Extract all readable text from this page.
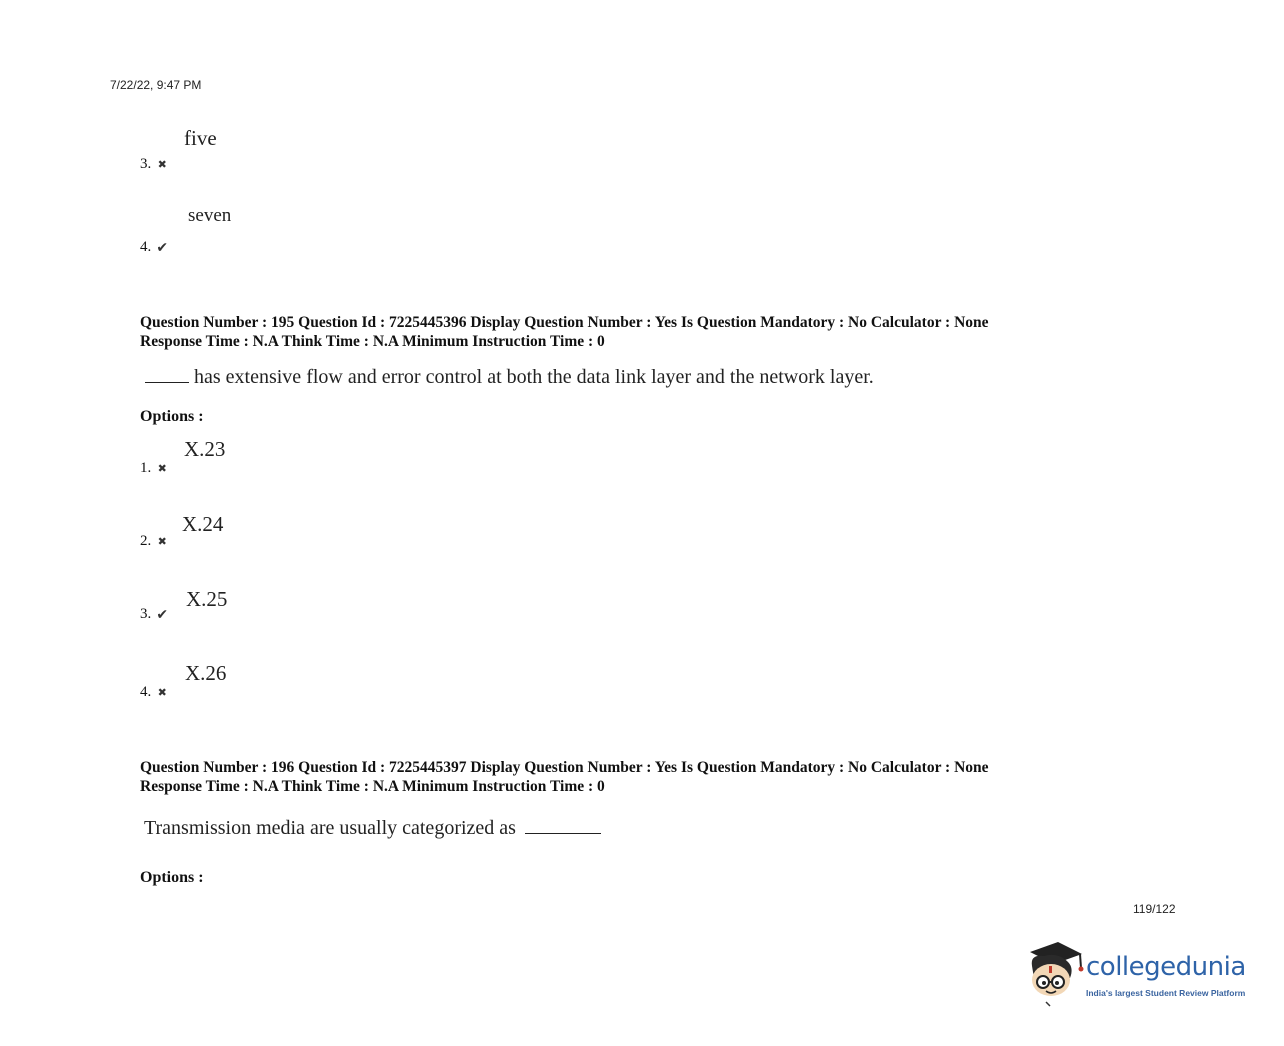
7/22/22, 9:47 PM
five
3. ✖
seven
4. ✔
Question Number : 195 Question Id : 7225445396 Display Question Number : Yes Is Question Mandatory : No Calculator : None
Response Time : N.A Think Time : N.A Minimum Instruction Time : 0
has extensive flow and error control at both the data link layer and the network layer.
Options :
X.23
1. ✖
X.24
2. ✖
X.25
3. ✔
X.26
4. ✖
Question Number : 196 Question Id : 7225445397 Display Question Number : Yes Is Question Mandatory : No Calculator : None
Response Time : N.A Think Time : N.A Minimum Instruction Time : 0
Transmission media are usually categorized as
Options :
119/122
collegedunia
India's largest Student Review Platform
